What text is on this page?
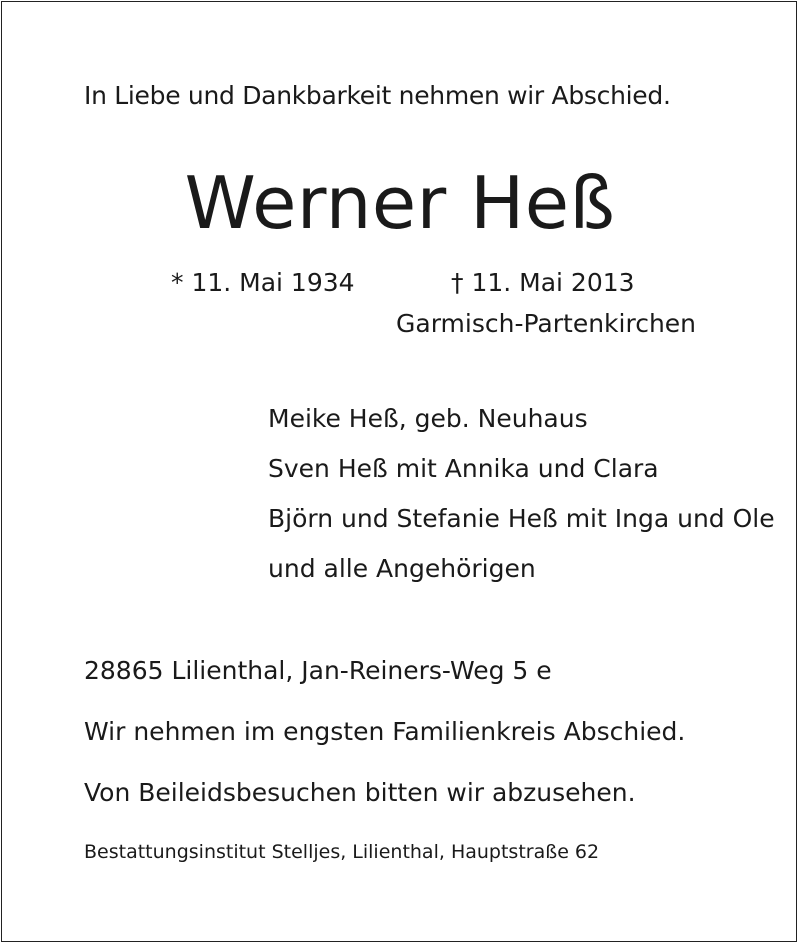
In Liebe und Dankbarkeit nehmen wir Abschied.

Werner Heß

* 11. Mai 1934	† 11. Mai 2013

Garmisch-Partenkirchen

Meike Heß, geb. Neuhaus
Sven Heß mit Annika und Clara
Björn und Stefanie Heß mit Inga und Ole
und alle Angehörigen

28865 Lilienthal, Jan-Reiners-Weg 5 e

Wir nehmen im engsten Familienkreis Abschied.

Von Beileidsbesuchen bitten wir abzusehen.

Bestattungsinstitut Stelljes, Lilienthal, Hauptstraße 62
